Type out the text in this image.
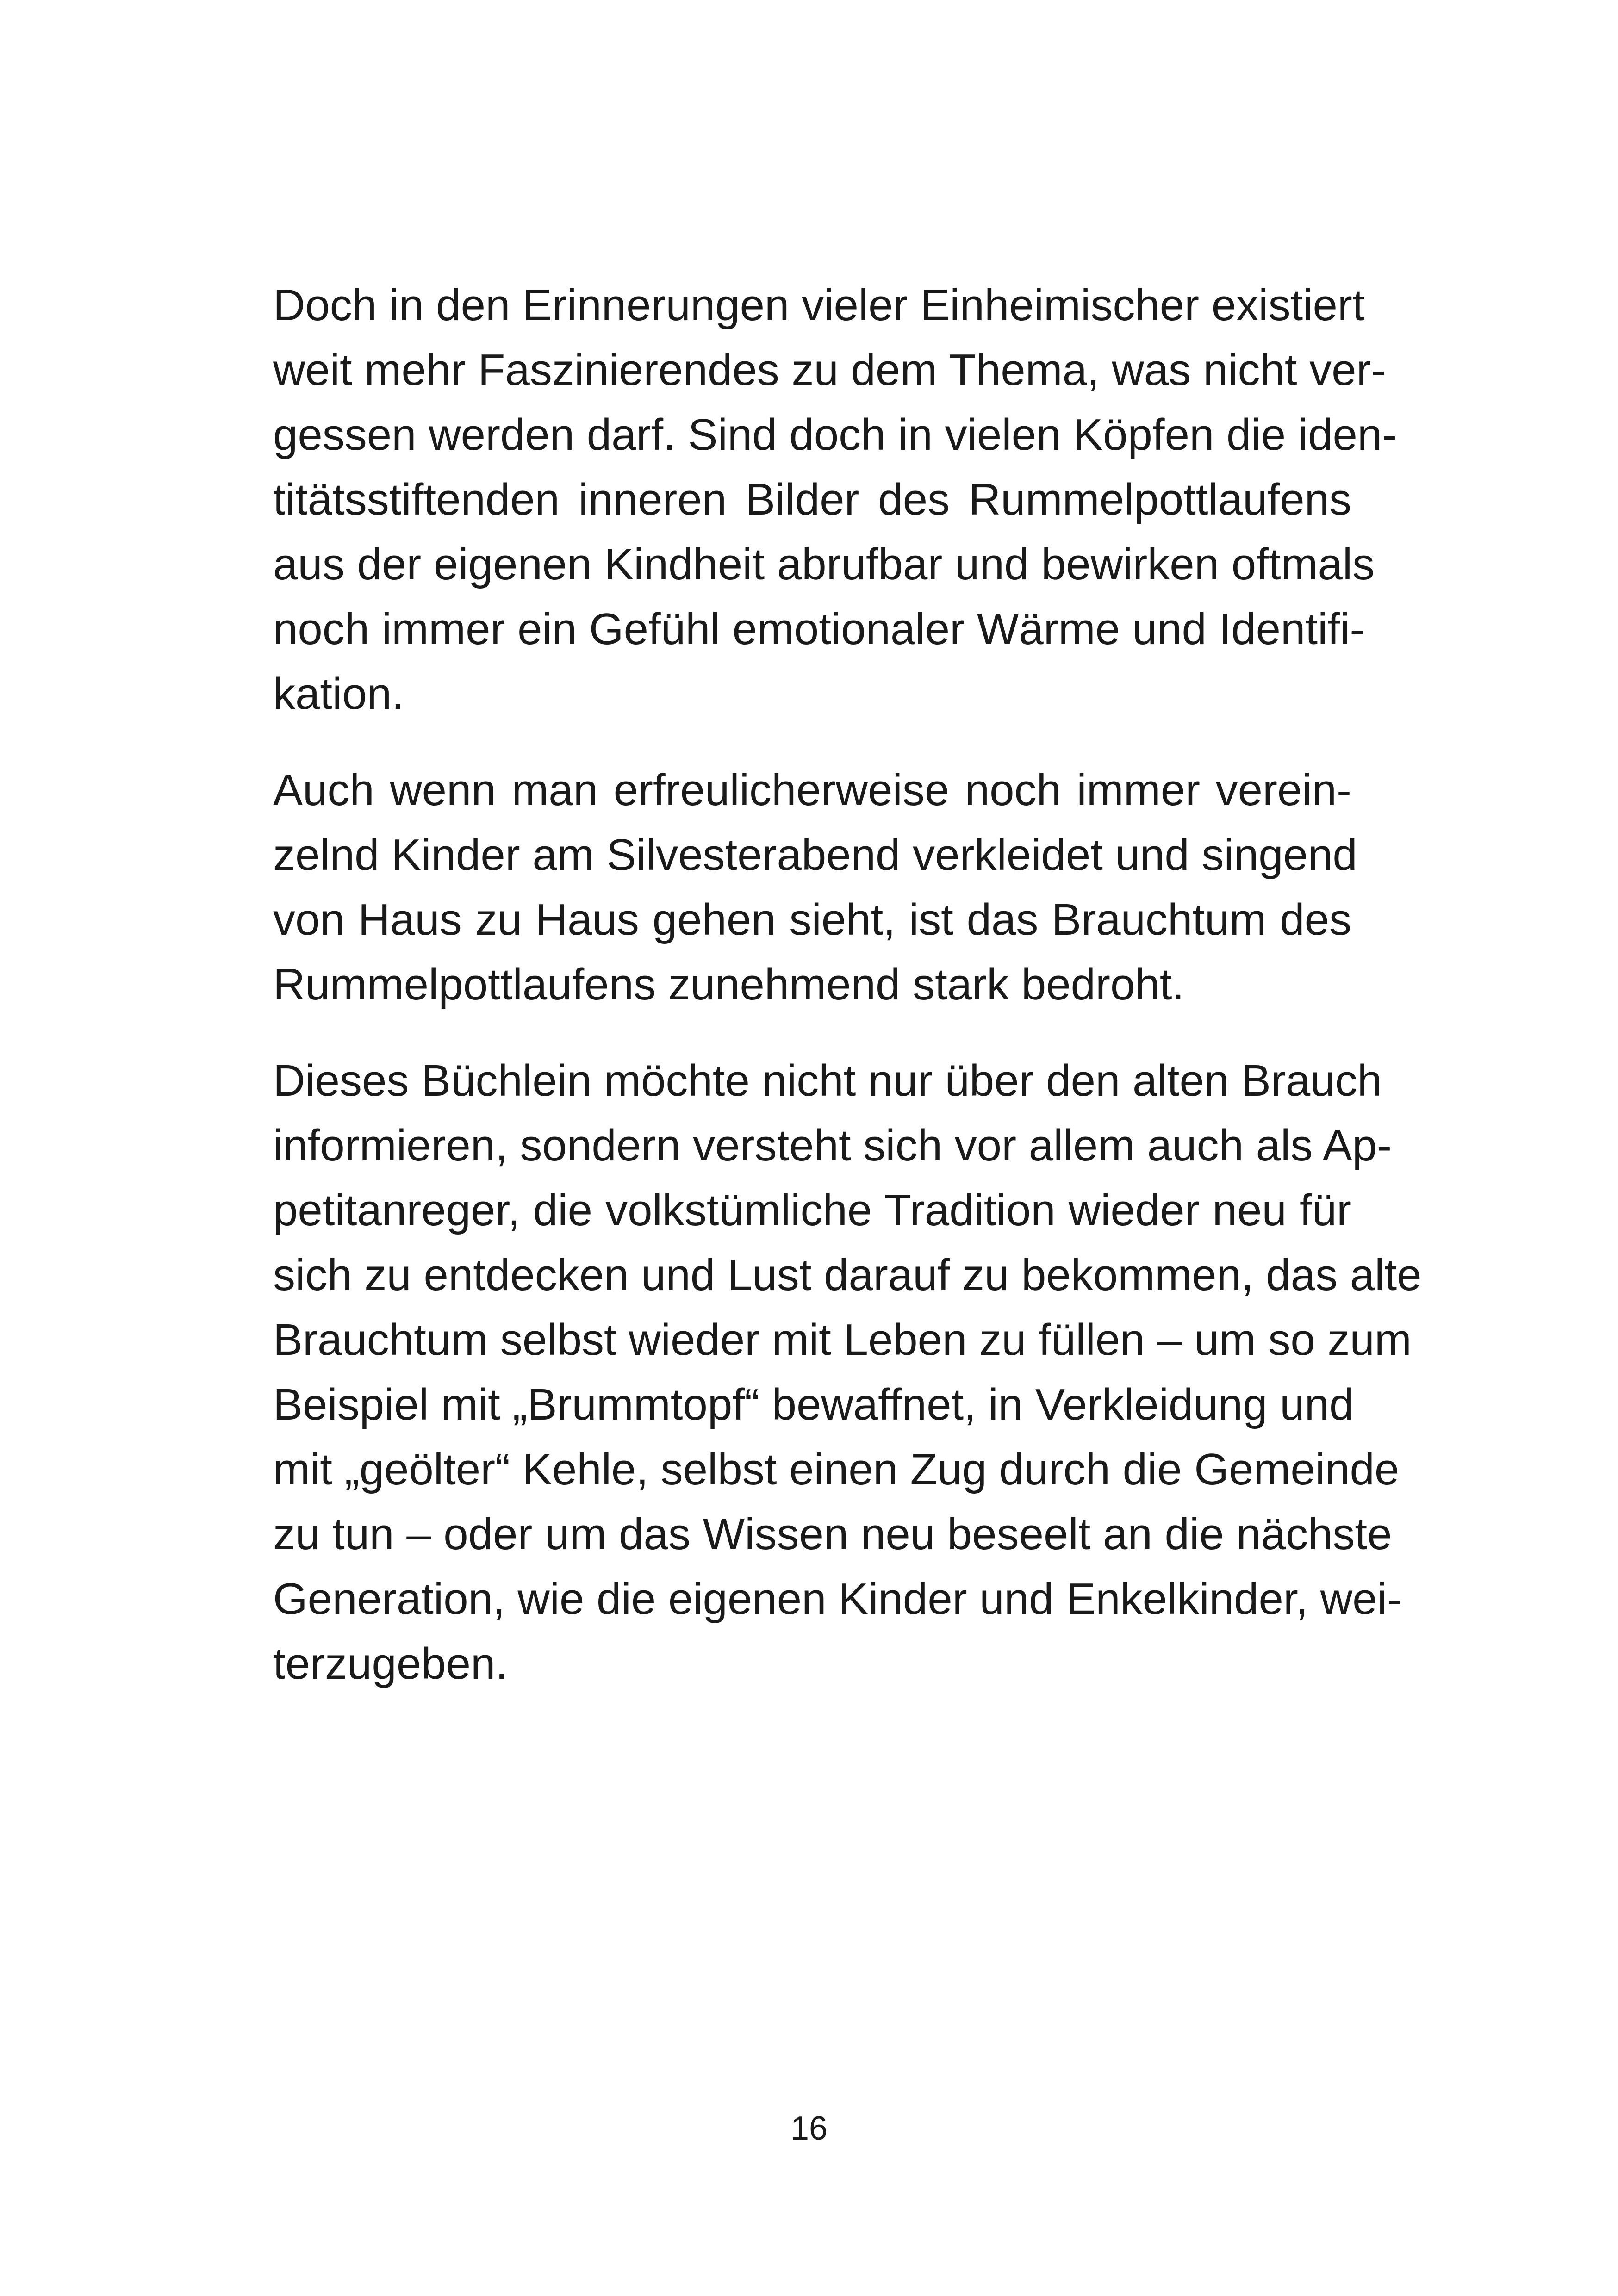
Doch in den Erinnerungen vieler Einheimischer existiert
weit mehr Faszinierendes zu dem Thema, was nicht ver-
gessen werden darf. Sind doch in vielen Köpfen die iden-
titätsstiftenden inneren Bilder des Rummelpottlaufens
aus der eigenen Kindheit abrufbar und bewirken oftmals
noch immer ein Gefühl emotionaler Wärme und Identifi-
kation.
Auch wenn man erfreulicherweise noch immer verein-
zelnd Kinder am Silvesterabend verkleidet und singend
von Haus zu Haus gehen sieht, ist das Brauchtum des
Rummelpottlaufens zunehmend stark bedroht.
Dieses Büchlein möchte nicht nur über den alten Brauch
informieren, sondern versteht sich vor allem auch als Ap-
petitanreger, die volkstümliche Tradition wieder neu für
sich zu entdecken und Lust darauf zu bekommen, das alte
Brauchtum selbst wieder mit Leben zu füllen – um so zum
Beispiel mit „Brummtopf“ bewaffnet, in Verkleidung und
mit „geölter“ Kehle, selbst einen Zug durch die Gemeinde
zu tun – oder um das Wissen neu beseelt an die nächste
Generation, wie die eigenen Kinder und Enkelkinder, wei-
terzugeben.
16
